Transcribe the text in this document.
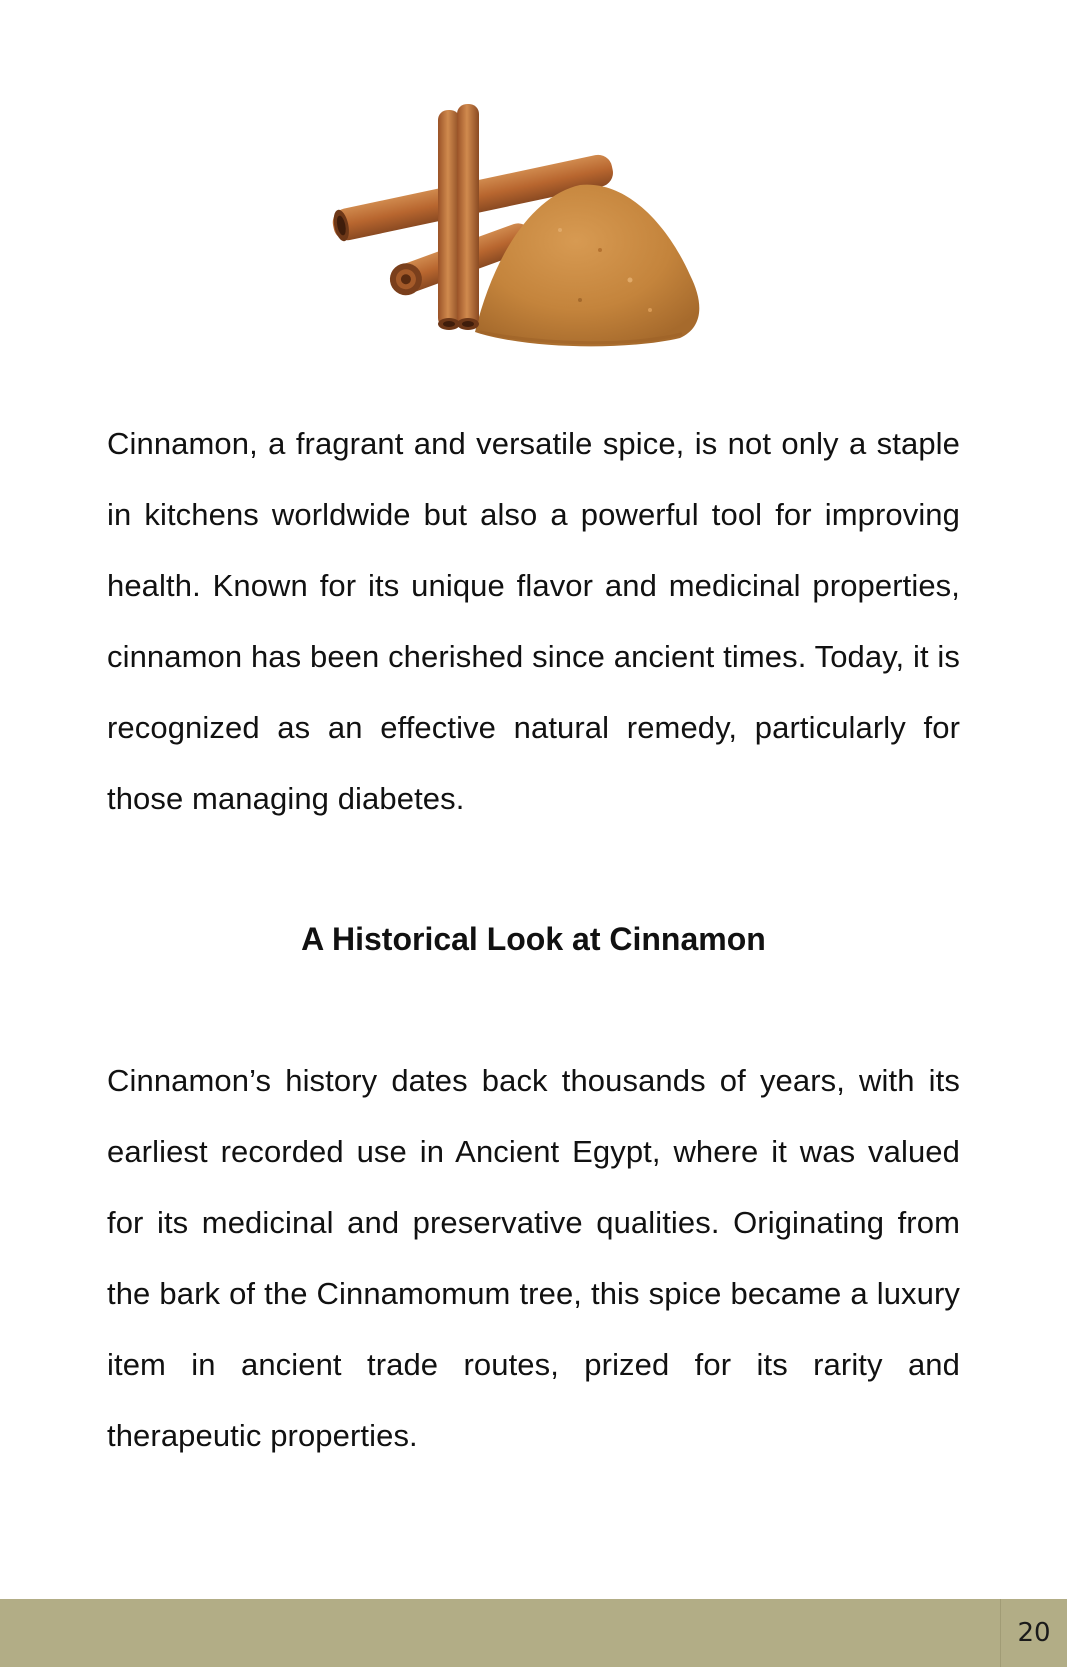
Cinnamon, a fragrant and versatile spice, is not only a staple in kitchens worldwide but also a powerful tool for improving health. Known for its unique flavor and medicinal properties, cinnamon has been cherished since ancient times. Today, it is recognized as an effective natural remedy, particularly for those managing diabetes.

A Historical Look at Cinnamon

Cinnamon’s history dates back thousands of years, with its earliest recorded use in Ancient Egypt, where it was valued for its medicinal and preservative qualities. Originating from the bark of the Cinnamomum tree, this spice became a luxury item in ancient trade routes, prized for its rarity and therapeutic properties.

20
